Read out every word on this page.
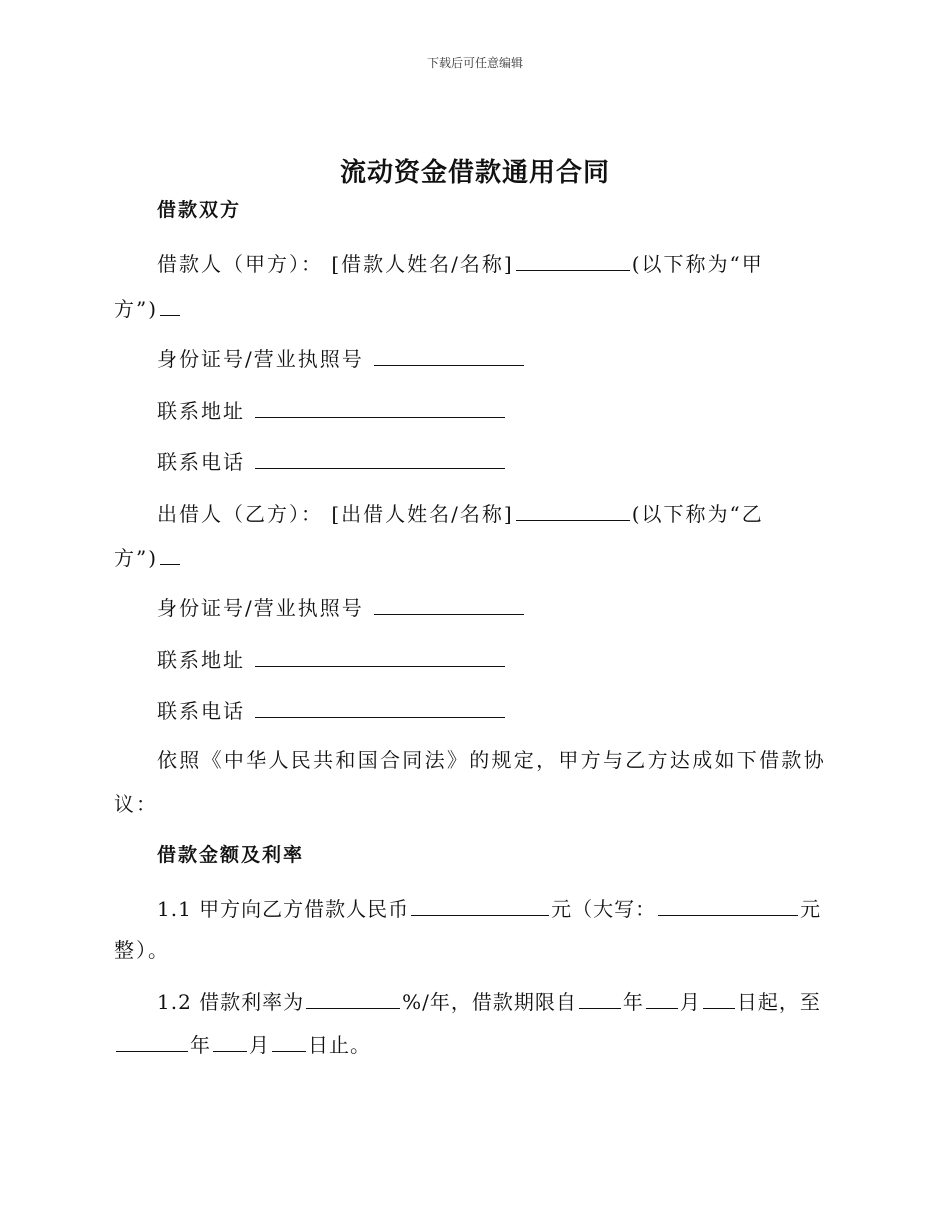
下载后可任意编辑
流动资金借款通用合同
借款双方
借款人（甲方）： [借款人姓名/名称]	(以下称为“甲
方”)
身份证号/营业执照号
联系地址
联系电话
出借人（乙方）： [出借人姓名/名称]	(以下称为“乙
方”)
身份证号/营业执照号
联系地址
联系电话
依照《中华人民共和国合同法》的规定，甲方与乙方达成如下借款协
议：
借款金额及利率
1.1 甲方向乙方借款人民币	元（大写：	元
整）。
1.2 借款利率为	%/年，借款期限自 年 月 日起，至
年 月 日止。
